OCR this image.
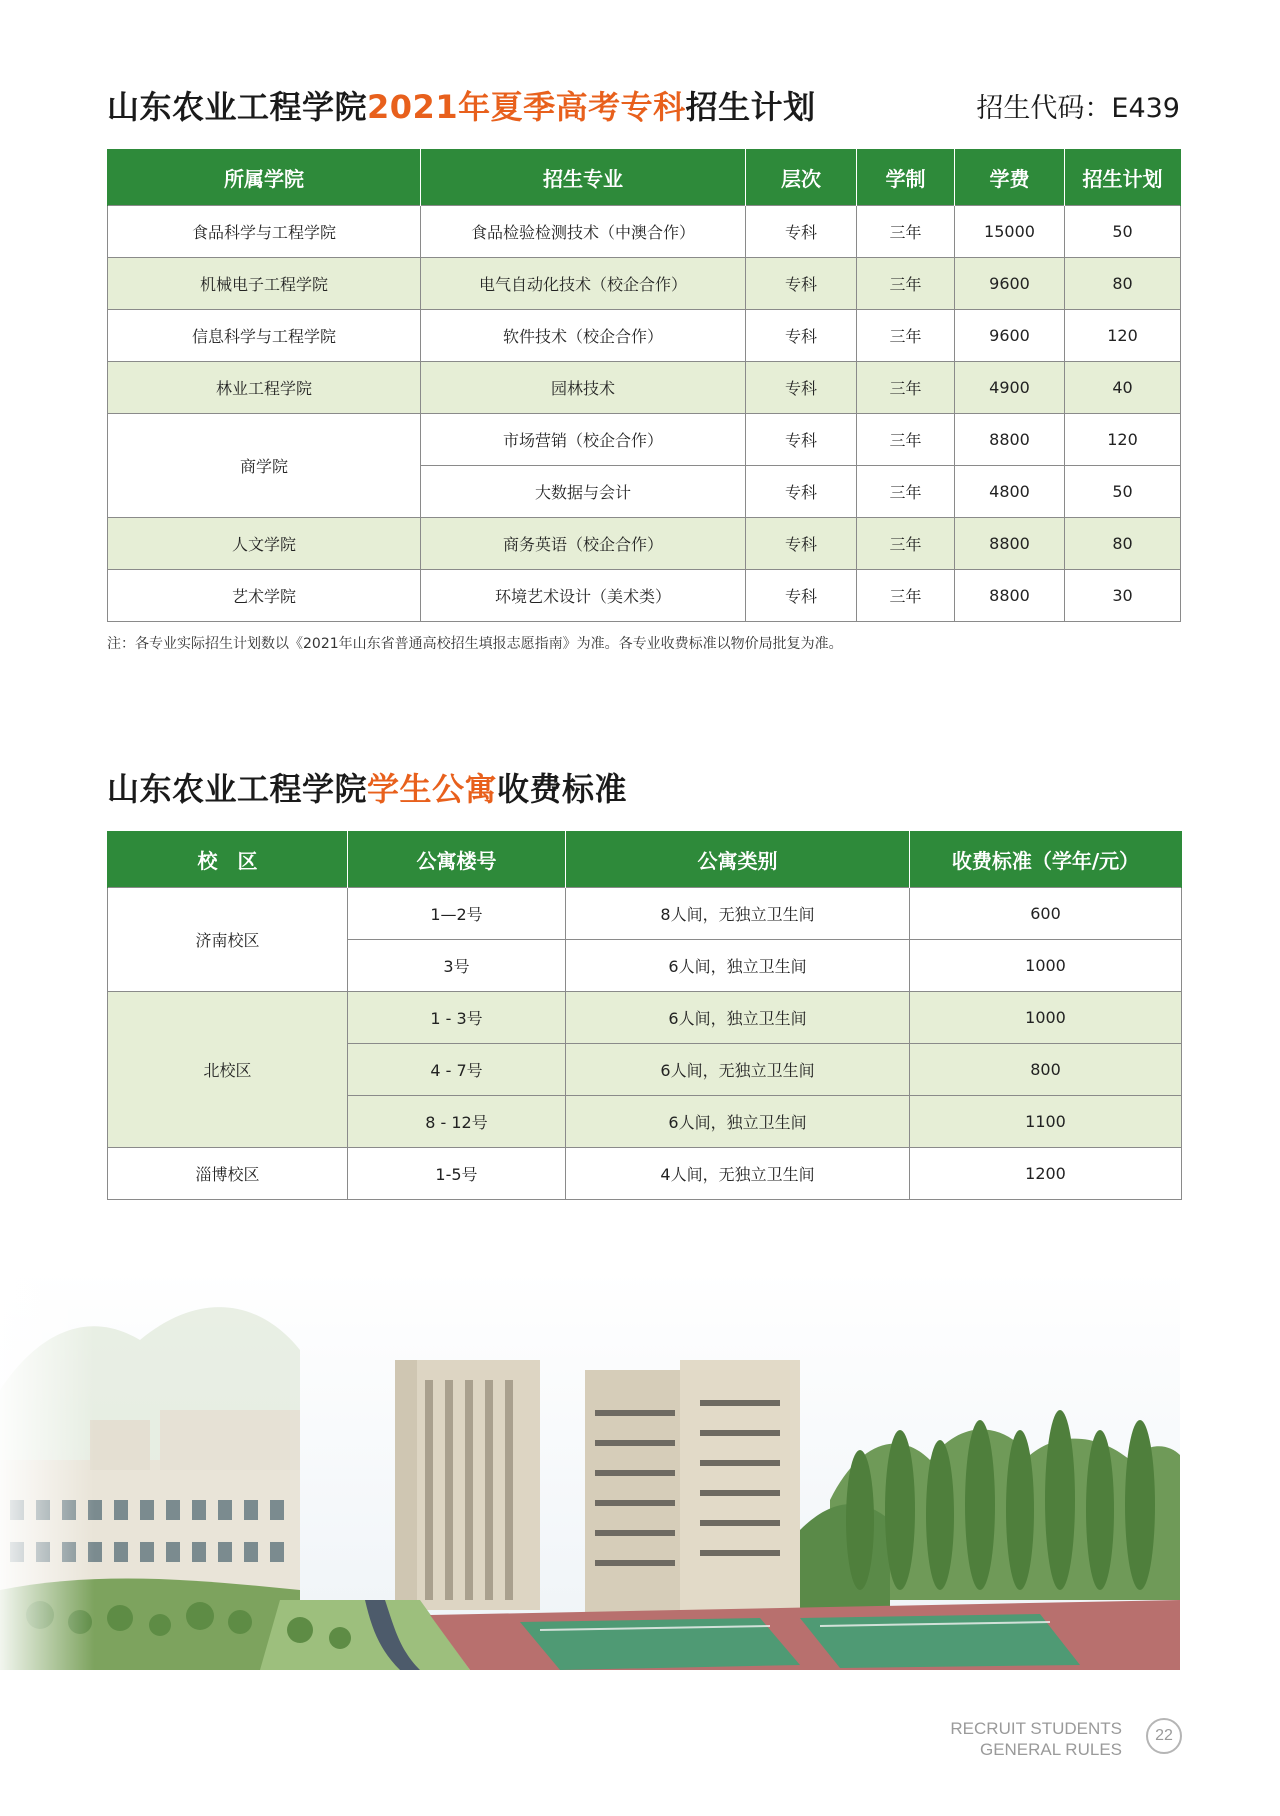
山东农业工程学院2021年夏季高考专科招生计划	招生代码：E439
所属学院	招生专业	层次	学制	学费	招生计划
食品科学与工程学院	食品检验检测技术（中澳合作）	专科	三年	15000	50
机械电子工程学院	电气自动化技术（校企合作）	专科	三年	9600	80
信息科学与工程学院	软件技术（校企合作）	专科	三年	9600	120
林业工程学院	园林技术	专科	三年	4900	40
商学院	市场营销（校企合作）	专科	三年	8800	120
	大数据与会计	专科	三年	4800	50
人文学院	商务英语（校企合作）	专科	三年	8800	80
艺术学院	环境艺术设计（美术类）	专科	三年	8800	30

注：各专业实际招生计划数以《2021年山东省普通高校招生填报志愿指南》为准。各专业收费标准以物价局批复为准。

山东农业工程学院学生公寓收费标准
校　区	公寓楼号	公寓类别	收费标准（学年/元）
济南校区	1—2号	8人间，无独立卫生间	600
	3号	6人间，独立卫生间	1000
北校区	1 - 3号	6人间，独立卫生间	1000
	4 - 7号	6人间，无独立卫生间	800
	8 - 12号	6人间，独立卫生间	1100
淄博校区	1-5号	4人间，无独立卫生间	1200
RECRUIT STUDENTS
GENERAL RULES
22
